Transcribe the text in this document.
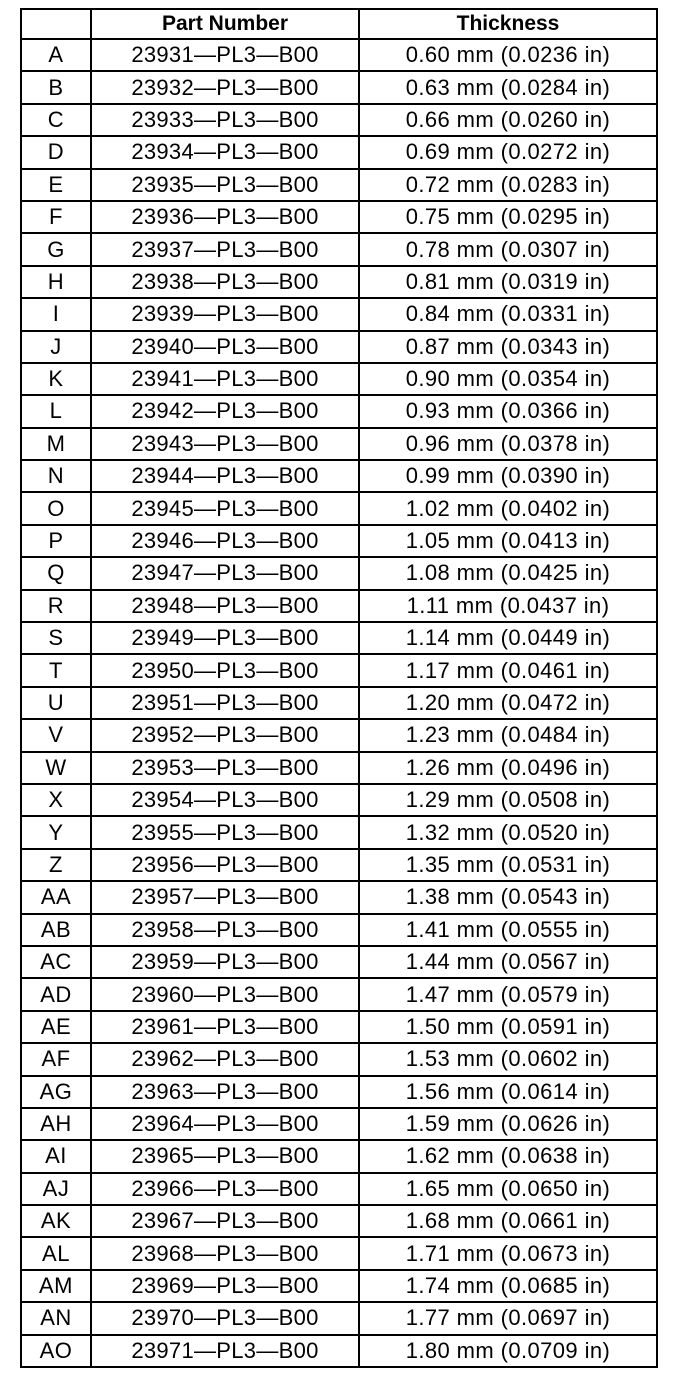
	Part Number	Thickness
A	23931—PL3—B00	0.60 mm (0.0236 in)
B	23932—PL3—B00	0.63 mm (0.0284 in)
C	23933—PL3—B00	0.66 mm (0.0260 in)
D	23934—PL3—B00	0.69 mm (0.0272 in)
E	23935—PL3—B00	0.72 mm (0.0283 in)
F	23936—PL3—B00	0.75 mm (0.0295 in)
G	23937—PL3—B00	0.78 mm (0.0307 in)
H	23938—PL3—B00	0.81 mm (0.0319 in)
I	23939—PL3—B00	0.84 mm (0.0331 in)
J	23940—PL3—B00	0.87 mm (0.0343 in)
K	23941—PL3—B00	0.90 mm (0.0354 in)
L	23942—PL3—B00	0.93 mm (0.0366 in)
M	23943—PL3—B00	0.96 mm (0.0378 in)
N	23944—PL3—B00	0.99 mm (0.0390 in)
O	23945—PL3—B00	1.02 mm (0.0402 in)
P	23946—PL3—B00	1.05 mm (0.0413 in)
Q	23947—PL3—B00	1.08 mm (0.0425 in)
R	23948—PL3—B00	1.11 mm (0.0437 in)
S	23949—PL3—B00	1.14 mm (0.0449 in)
T	23950—PL3—B00	1.17 mm (0.0461 in)
U	23951—PL3—B00	1.20 mm (0.0472 in)
V	23952—PL3—B00	1.23 mm (0.0484 in)
W	23953—PL3—B00	1.26 mm (0.0496 in)
X	23954—PL3—B00	1.29 mm (0.0508 in)
Y	23955—PL3—B00	1.32 mm (0.0520 in)
Z	23956—PL3—B00	1.35 mm (0.0531 in)
AA	23957—PL3—B00	1.38 mm (0.0543 in)
AB	23958—PL3—B00	1.41 mm (0.0555 in)
AC	23959—PL3—B00	1.44 mm (0.0567 in)
AD	23960—PL3—B00	1.47 mm (0.0579 in)
AE	23961—PL3—B00	1.50 mm (0.0591 in)
AF	23962—PL3—B00	1.53 mm (0.0602 in)
AG	23963—PL3—B00	1.56 mm (0.0614 in)
AH	23964—PL3—B00	1.59 mm (0.0626 in)
AI	23965—PL3—B00	1.62 mm (0.0638 in)
AJ	23966—PL3—B00	1.65 mm (0.0650 in)
AK	23967—PL3—B00	1.68 mm (0.0661 in)
AL	23968—PL3—B00	1.71 mm (0.0673 in)
AM	23969—PL3—B00	1.74 mm (0.0685 in)
AN	23970—PL3—B00	1.77 mm (0.0697 in)
AO	23971—PL3—B00	1.80 mm (0.0709 in)
